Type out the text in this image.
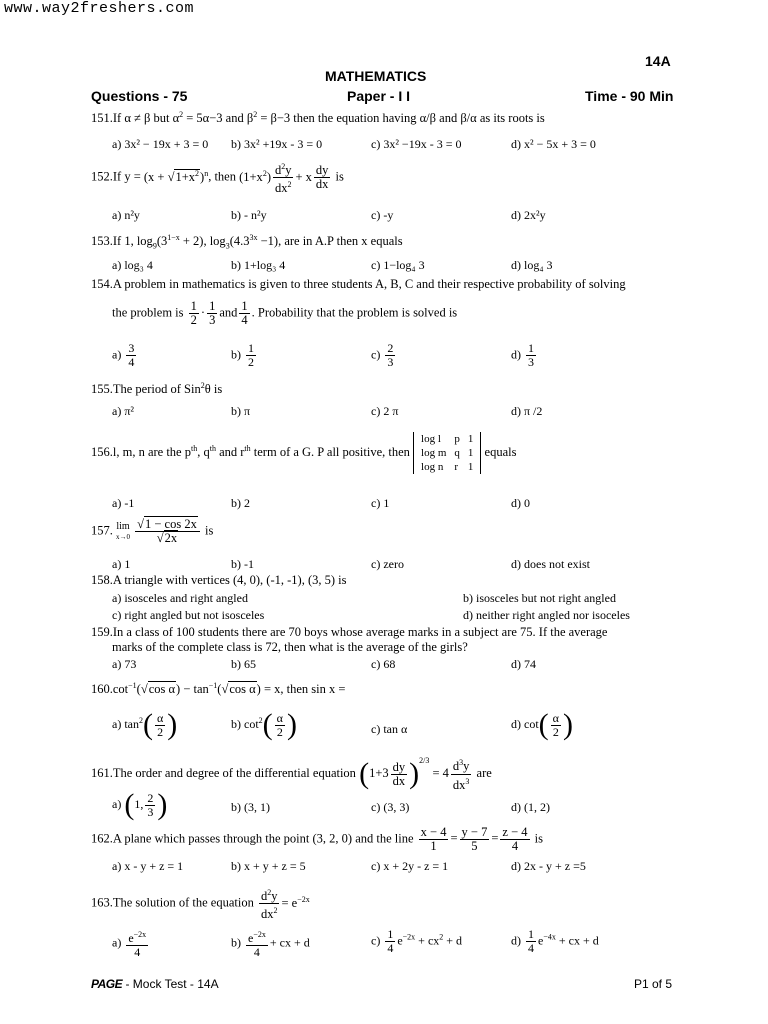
www.way2freshers.com
14A
MATHEMATICS
Questions - 75	Paper - I I	Time - 90 Min
151.If α ≠ β but $\alpha^2 = 5\alpha-3$ and $\beta^2 = \beta-3$ then the equation having α/β and β/α as its roots is
a) 3x² − 19x + 3 = 0 b) 3x² +19x - 3 = 0	c) 3x² −19x - 3 = 0	d) x² − 5x + 3 = 0
152.If $y = (x + √1+x^2)^n$, then $(1+x^2) \frac{d^2y}{dx^2} + x \frac{dy}{dx}$ is
a) n²y	b) - n²y	c) -y	d) 2x²y
153.If 1, $\log_9(3^{1-x} + 2)$, $\log_3(4.3^{3x} -1)$, are in A.P then x equals
a) log₃ 4	b) 1+log₃ 4	c) 1−log₄ 3	d) log₄ 3
154.A problem in mathematics is given to three students A, B, C and their respective probability of solving
the problem is $\frac{1}{2} \cdot \frac{1}{3}$ and $\frac{1}{4}$ . Probability that the problem is solved is
$a) \frac{3}{4}$	$b) \frac{1}{2}$	$c) \frac{2}{3}$	$d) \frac{1}{3}$
155.The period of Sin$^2$θ is
a) π²	b) π	c) 2 π	d) π /2
156.l, m, n are the $p^{th}$, $q^{th}$ and $r^{th}$ term of a G. P all positive, then
log l	p	1
log m	q	1
log n	r	1
equals
a) -1	b) 2	c) 1	d) 0
157. lim
$x\to 0 \frac{√1 - \cos 2x}{√2x}$ is
a) 1	b) -1	c) zero	d) does not exist
158.A triangle with vertices (4, 0), (-1, -1), (3, 5) is
a) isosceles and right angled	b) isosceles but not right angled
c) right angled but not isosceles	d) neither right angled nor isoceles
159.In a class of 100 students there are 70 boys whose average marks in a subject are 75. If the average
marks of the complete class is 72, then what is the average of the girls?
a) 73	b) 65	c) 68	d) 74
$160.\cot^{-1}(√\cos$ $\alpha) - \tan^{-1}(√\cos$ α) = x, then sin x =
a) $\tan^2( \frac{\alpha}{2}$ )	b) $\cot^2( \frac{\alpha}{2}$ )	c) tan α	d) $\cot( \frac{\alpha}{2}$ )
161.The order and degree of the differential equation $(1+3 \frac{dy}{dx} )^{2/3} = 4 \frac{d^3y}{dx^3}$ are
a) (1, $\frac{2}{3}$ )	b) (3, 1)	c) (3, 3)	d) (1, 2)
162.A plane which passes through the point (3, 2, 0) and the line $\frac{x - 4}{1} = \frac{y - 7}{5} = \frac{z - 4}{4}$ is
a) x - y + z = 1	b) x + y + z = 5	c) x + 2y - z = 1	d) 2x - y + z =5
163.The solution of the equation $\frac{d^2y}{dx^2} = e^{-2x}$
$a) \frac{e^{-2x}}{4}$	$b) \frac{e^{-2x}}{4}$ + cx + d	$c) \frac{1}{4} e^{-2x} + cx^2 + d$	$d) \frac{1}{4} e^{-4x}$ + cx + d
PAGE - Mock Test - 14A	P1 of 5
